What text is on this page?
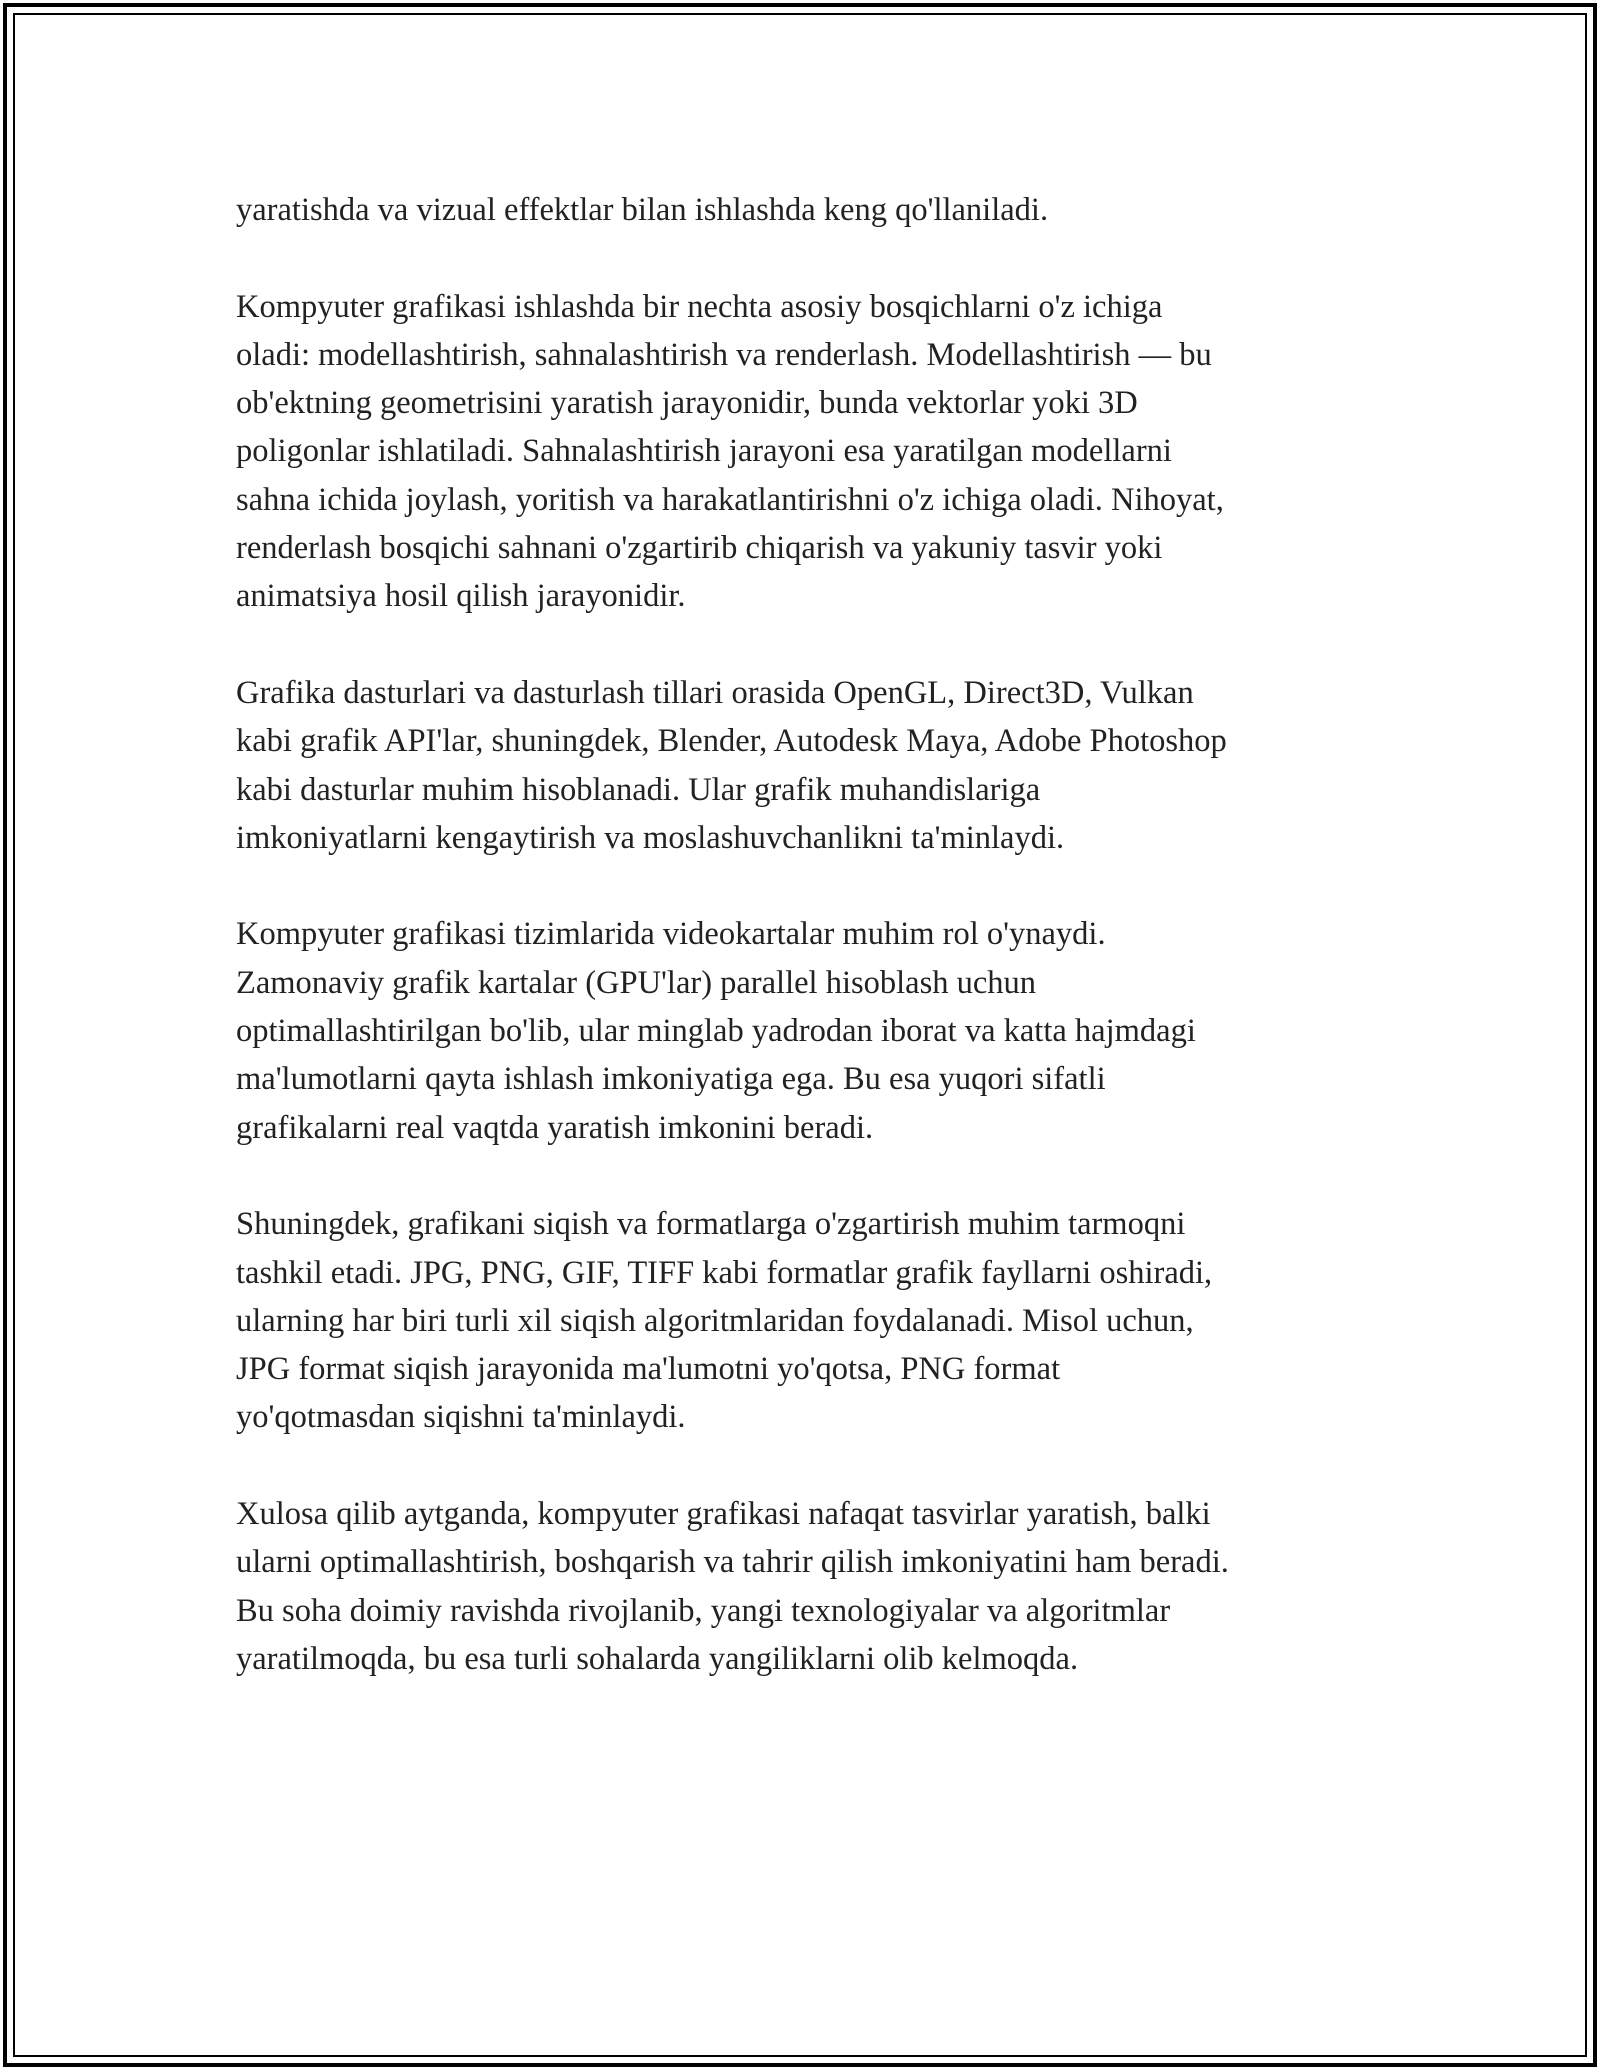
yaratishda va vizual effektlar bilan ishlashda keng qo'llaniladi.

Kompyuter grafikasi ishlashda bir nechta asosiy bosqichlarni o'z ichiga
oladi: modellashtirish, sahnalashtirish va renderlash. Modellashtirish — bu
ob'ektning geometrisini yaratish jarayonidir, bunda vektorlar yoki 3D
poligonlar ishlatiladi. Sahnalashtirish jarayoni esa yaratilgan modellarni
sahna ichida joylash, yoritish va harakatlantirishni o'z ichiga oladi. Nihoyat,
renderlash bosqichi sahnani o'zgartirib chiqarish va yakuniy tasvir yoki
animatsiya hosil qilish jarayonidir.

Grafika dasturlari va dasturlash tillari orasida OpenGL, Direct3D, Vulkan
kabi grafik API'lar, shuningdek, Blender, Autodesk Maya, Adobe Photoshop
kabi dasturlar muhim hisoblanadi. Ular grafik muhandislariga
imkoniyatlarni kengaytirish va moslashuvchanlikni ta'minlaydi.

Kompyuter grafikasi tizimlarida videokartalar muhim rol o'ynaydi.
Zamonaviy grafik kartalar (GPU'lar) parallel hisoblash uchun
optimallashtirilgan bo'lib, ular minglab yadrodan iborat va katta hajmdagi
ma'lumotlarni qayta ishlash imkoniyatiga ega. Bu esa yuqori sifatli
grafikalarni real vaqtda yaratish imkonini beradi.

Shuningdek, grafikani siqish va formatlarga o'zgartirish muhim tarmoqni
tashkil etadi. JPG, PNG, GIF, TIFF kabi formatlar grafik fayllarni oshiradi,
ularning har biri turli xil siqish algoritmlaridan foydalanadi. Misol uchun,
JPG format siqish jarayonida ma'lumotni yo'qotsa, PNG format
yo'qotmasdan siqishni ta'minlaydi.

Xulosa qilib aytganda, kompyuter grafikasi nafaqat tasvirlar yaratish, balki
ularni optimallashtirish, boshqarish va tahrir qilish imkoniyatini ham beradi.
Bu soha doimiy ravishda rivojlanib, yangi texnologiyalar va algoritmlar
yaratilmoqda, bu esa turli sohalarda yangiliklarni olib kelmoqda.
